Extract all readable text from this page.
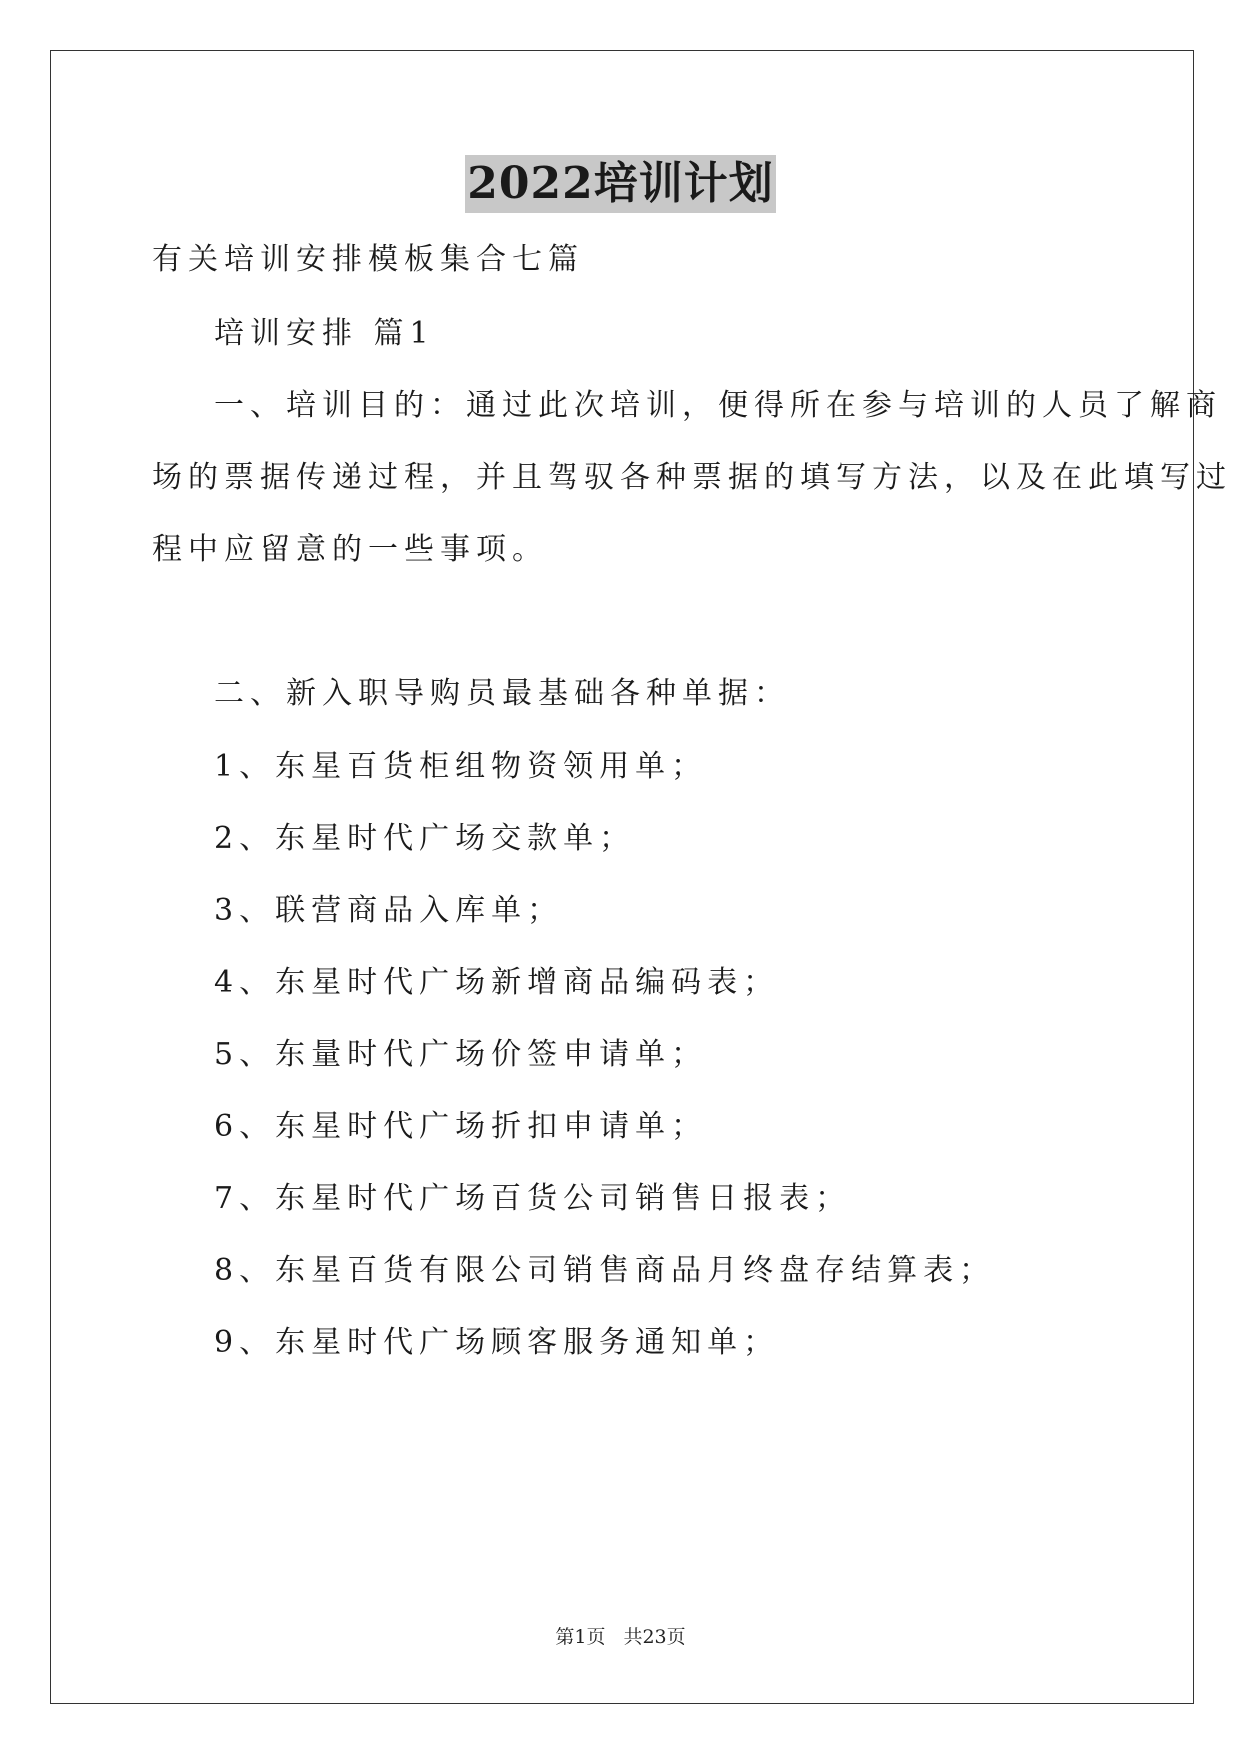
2022培训计划
有关培训安排模板集合七篇
培训安排 篇1
一、培训目的：通过此次培训，便得所在参与培训的人员了解商
场的票据传递过程，并且驾驭各种票据的填写方法，以及在此填写过
程中应留意的一些事项。
二、新入职导购员最基础各种单据：
1、东星百货柜组物资领用单；
2、东星时代广场交款单；
3、联营商品入库单；
4、东星时代广场新增商品编码表；
5、东量时代广场价签申请单；
6、东星时代广场折扣申请单；
7、东星时代广场百货公司销售日报表；
8、东星百货有限公司销售商品月终盘存结算表；
9、东星时代广场顾客服务通知单；
第1页 共23页
